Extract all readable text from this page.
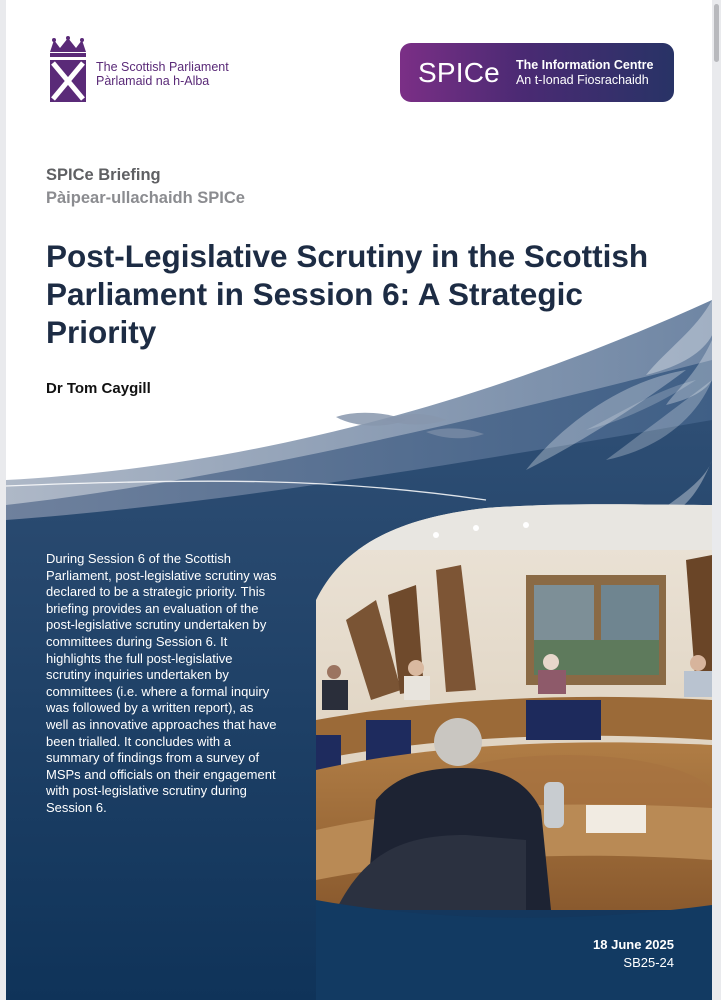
The Scottish Parliament
Pàrlamaid na h-Alba	SPICe The Information Centre
An t-Ionad Fiosrachaidh
SPICe Briefing
Pàipear-ullachaidh SPICe
Post-Legislative Scrutiny in the Scottish Parliament in Session 6: A Strategic Priority
Dr Tom Caygill
During Session 6 of the Scottish Parliament, post-legislative scrutiny was declared to be a strategic priority. This briefing provides an evaluation of the post-legislative scrutiny undertaken by committees during Session 6. It highlights the full post-legislative scrutiny inquiries undertaken by committees (i.e. where a formal inquiry was followed by a written report), as well as innovative approaches that have been trialled. It concludes with a summary of findings from a survey of MSPs and officials on their engagement with post-legislative scrutiny during Session 6.
18 June 2025
SB25-24
